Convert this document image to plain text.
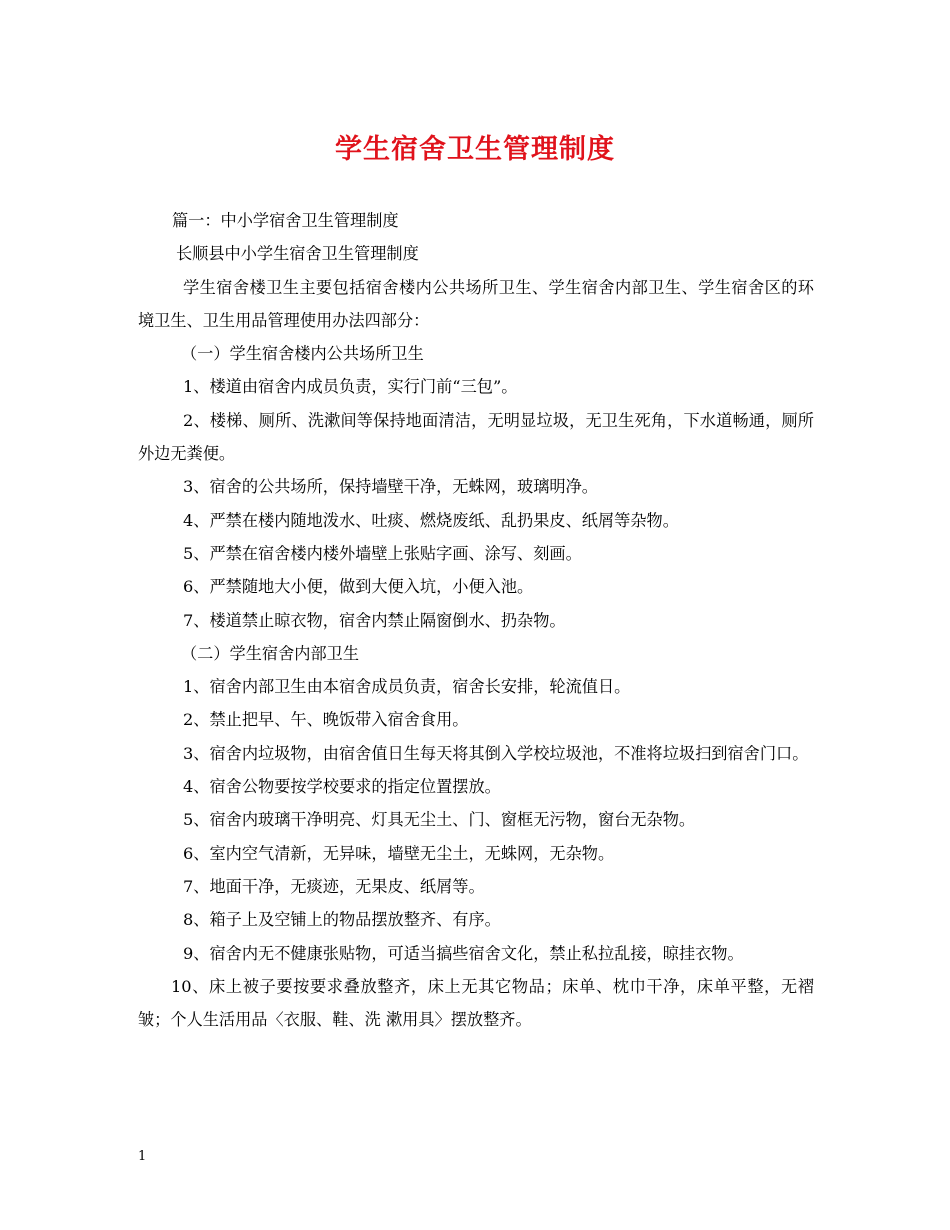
学生宿舍卫生管理制度

篇一：中小学宿舍卫生管理制度

长顺县中小学生宿舍卫生管理制度

学生宿舍楼卫生主要包括宿舍楼内公共场所卫生、学生宿舍内部卫生、学生宿舍区的环境卫生、卫生用品管理使用办法四部分：

（一）学生宿舍楼内公共场所卫生

1、楼道由宿舍内成员负责，实行门前“三包”。

2、楼梯、厕所、洗漱间等保持地面清洁，无明显垃圾，无卫生死角，下水道畅通，厕所外边无粪便。

3、宿舍的公共场所，保持墙壁干净，无蛛网，玻璃明净。

4、严禁在楼内随地泼水、吐痰、燃烧废纸、乱扔果皮、纸屑等杂物。

5、严禁在宿舍楼内楼外墙壁上张贴字画、涂写、刻画。

6、严禁随地大小便，做到大便入坑，小便入池。

7、楼道禁止晾衣物，宿舍内禁止隔窗倒水、扔杂物。

（二）学生宿舍内部卫生

1、宿舍内部卫生由本宿舍成员负责，宿舍长安排，轮流值日。

2、禁止把早、午、晚饭带入宿舍食用。

3、宿舍内垃圾物，由宿舍值日生每天将其倒入学校垃圾池，不准将垃圾扫到宿舍门口。

4、宿舍公物要按学校要求的指定位置摆放。

5、宿舍内玻璃干净明亮、灯具无尘土、门、窗框无污物，窗台无杂物。

6、室内空气清新，无异味，墙壁无尘土，无蛛网，无杂物。

7、地面干净，无痰迹，无果皮、纸屑等。

8、箱子上及空铺上的物品摆放整齐、有序。

9、宿舍内无不健康张贴物，可适当搞些宿舍文化，禁止私拉乱接，晾挂衣物。

10、床上被子要按要求叠放整齐，床上无其它物品；床单、枕巾干净，床单平整，无褶皱；个人生活用品〈衣服、鞋、洗 漱用具〉摆放整齐。

1
